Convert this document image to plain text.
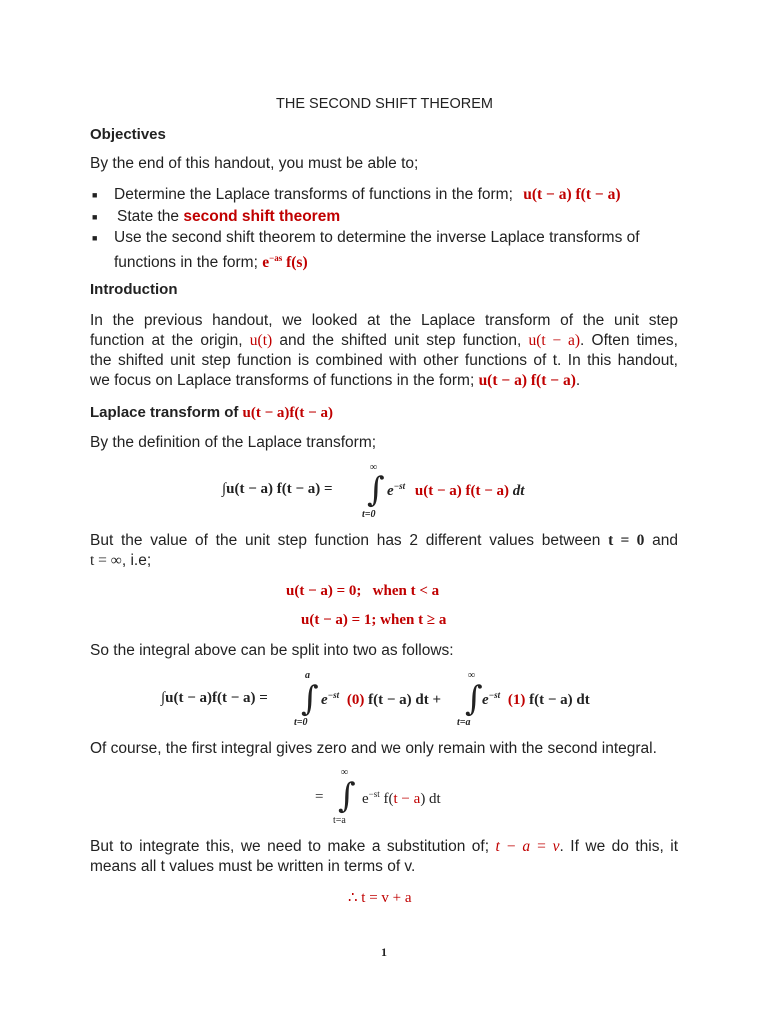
THE SECOND SHIFT THEOREM
Objectives
By the end of this handout, you must be able to;
■ Determine the Laplace transforms of functions in the form; u(t − a) f(t − a)
■ State the second shift theorem
■ Use the second shift theorem to determine the inverse Laplace transforms of
functions in the form; $e^{-as}$ f(s)
Introduction
In the previous handout, we looked at the Laplace transform of the unit step
function at the origin, u(t) and the shifted unit step function, u(t − a). Often times,
the shifted unit step function is combined with other functions of t. In this handout,
we focus on Laplace transforms of functions in the form; u(t − a) f(t − a).
Laplace transform of u(t − a)f(t − a)
By the definition of the Laplace transform;
∫u(t − a) f(t − a) =
∞
∫
t=0
$e^{-st}$ u(t − a) f(t − a) dt
But the value of the unit step function has 2 different values between t = 0 and
t = ∞, i.e;
u(t − a) = 0;   when t < a
u(t − a) = 1; when t ≥ a
So the integral above can be split into two as follows:
∫u(t − a)f(t − a) =
a
∫
t=0
$e^{-st}$ (0) f(t − a) dt +
∞
∫
t=a
$e^{-st}$ (1) f(t − a) dt
Of course, the first integral gives zero and we only remain with the second integral.
=
∞
∫
t=a
$e^{-st}$ f(t − a) dt
But to integrate this, we need to make a substitution of; t − a = v. If we do this, it
means all t values must be written in terms of v.
∴ t = v + a
1
